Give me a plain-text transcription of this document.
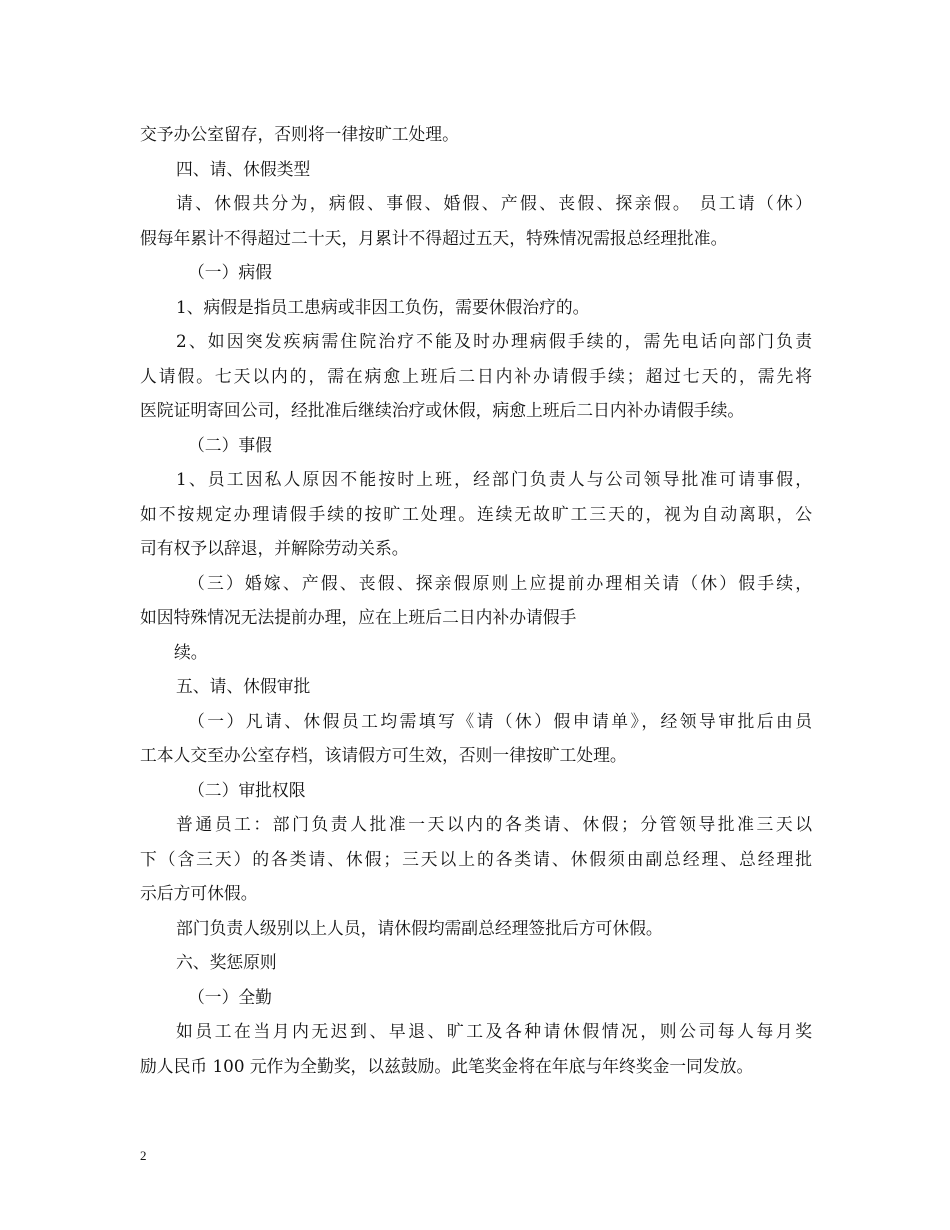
交予办公室留存，否则将一律按旷工处理。
四、请、休假类型
请、休假共分为，病假、事假、婚假、产假、丧假、探亲假。 员工请（休）
假每年累计不得超过二十天，月累计不得超过五天，特殊情况需报总经理批准。
（一）病假
1、病假是指员工患病或非因工负伤，需要休假治疗的。
2、如因突发疾病需住院治疗不能及时办理病假手续的，需先电话向部门负责
人请假。七天以内的，需在病愈上班后二日内补办请假手续；超过七天的，需先将
医院证明寄回公司，经批准后继续治疗或休假，病愈上班后二日内补办请假手续。
（二）事假
1、员工因私人原因不能按时上班，经部门负责人与公司领导批准可请事假，
如不按规定办理请假手续的按旷工处理。连续无故旷工三天的，视为自动离职，公
司有权予以辞退，并解除劳动关系。
（三）婚嫁、产假、丧假、探亲假原则上应提前办理相关请（休）假手续，
如因特殊情况无法提前办理，应在上班后二日内补办请假手
续。
五、请、休假审批
（一）凡请、休假员工均需填写《请（休）假申请单》，经领导审批后由员
工本人交至办公室存档，该请假方可生效，否则一律按旷工处理。
（二）审批权限
普通员工：部门负责人批准一天以内的各类请、休假；分管领导批准三天以
下（含三天）的各类请、休假；三天以上的各类请、休假须由副总经理、总经理批
示后方可休假。
部门负责人级别以上人员，请休假均需副总经理签批后方可休假。
六、奖惩原则
（一）全勤
如员工在当月内无迟到、早退、旷工及各种请休假情况，则公司每人每月奖
励人民币 100 元作为全勤奖，以兹鼓励。此笔奖金将在年底与年终奖金一同发放。
2
